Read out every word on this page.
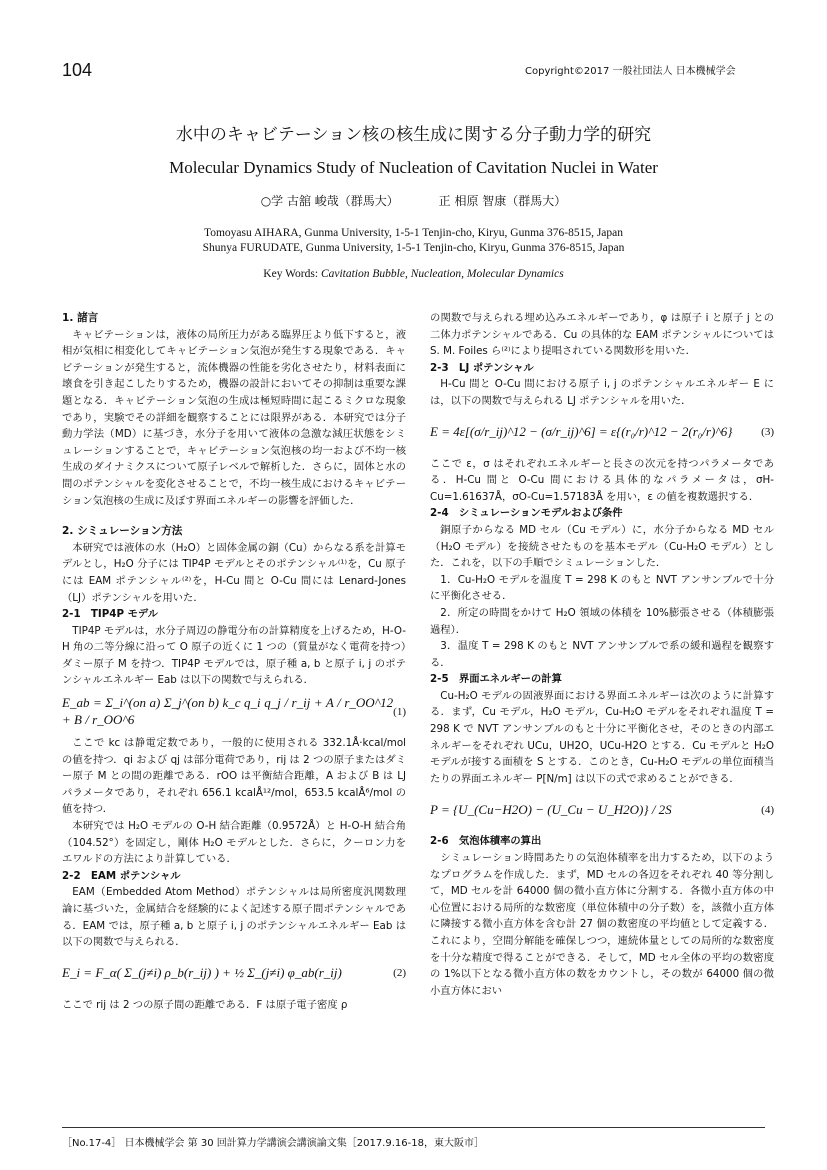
104	Copyright©2017 一般社団法人 日本機械学会
水中のキャビテーション核の核生成に関する分子動力学的研究
Molecular Dynamics Study of Nucleation of Cavitation Nuclei in Water
○学 古舘 峻哉（群馬大）	正 相原 智康（群馬大）
Tomoyasu AIHARA, Gunma University, 1-5-1 Tenjin-cho, Kiryu, Gunma 376-8515, Japan
Shunya FURUDATE, Gunma University, 1-5-1 Tenjin-cho, Kiryu, Gunma 376-8515, Japan
Key Words: Cavitation Bubble, Nucleation, Molecular Dynamics
1. 諸言

キャビテーションは，液体の局所圧力がある臨界圧より低下すると，液相が気相に相変化してキャビテーション気泡が発生する現象である．キャビテーションが発生すると，流体機器の性能を劣化させたり，材料表面に壊食を引き起こしたりするため，機器の設計においてその抑制は重要な課題となる．キャビテーション気泡の生成は極短時間に起こるミクロな現象であり，実験でその詳細を観察することには限界がある．本研究では分子動力学法（MD）に基づき，水分子を用いて液体の急激な減圧状態をシミュレーションすることで，キャビテーション気泡核の均一および不均一核生成のダイナミクスについて原子レベルで解析した．さらに，固体と水の間のポテンシャルを変化させることで，不均一核生成におけるキャビテーション気泡核の生成に及ぼす界面エネルギーの影響を評価した．

2. シミュレーション方法

本研究では液体の水（H₂O）と固体金属の銅（Cu）からなる系を計算モデルとし，H₂O 分子には TIP4P モデルとそのポテンシャル⁽¹⁾を，Cu 原子には EAM ポテンシャル⁽²⁾を，H-Cu 間と O-Cu 間には Lenard-Jones（LJ）ポテンシャルを用いた．

2-1　TIP4P モデル

TIP4P モデルは，水分子周辺の静電分布の計算精度を上げるため，H-O-H 角の二等分線に沿って O 原子の近くに 1 つの（質量がなく電荷を持つ）ダミー原子 M を持つ．TIP4P モデルでは，原子種 a, b と原子 i, j のポテンシャルエネルギー Eab は以下の関数で与えられる．

E_ab = Σ_i^(on a) Σ_j^(on b) k_c q_i q_j / r_ij + A / r_OO^12 + B / r_OO^6
(1)

ここで kc は静電定数であり，一般的に使用される 332.1Å·kcal/mol の値を持つ．qi および qj は部分電荷であり，rij は 2 つの原子またはダミー原子 M との間の距離である．rOO は平衡結合距離，A および B は LJ パラメータであり，それぞれ 656.1 kcalÅ¹²/mol，653.5 kcalÅ⁶/mol の値を持つ．

本研究では H₂O モデルの O-H 結合距離（0.9572Å）と H-O-H 結合角（104.52°）を固定し，剛体 H₂O モデルとした．さらに，クーロン力をエワルドの方法により計算している．

2-2　EAM ポテンシャル

EAM（Embedded Atom Method）ポテンシャルは局所密度汎関数理論に基づいた，金属結合を経験的によく記述する原子間ポテンシャルである．EAM では，原子種 a, b と原子 i, j のポテンシャルエネルギー Eab は以下の関数で与えられる．

E_i = F_α( Σ_(j≠i) ρ_b(r_ij) ) + ½ Σ_(j≠i) φ_ab(r_ij)	(2)

ここで rij は 2 つの原子間の距離である．F は原子電子密度 ρ

の関数で与えられる埋め込みエネルギーであり，φ は原子 i と原子 j との二体力ポテンシャルである．Cu の具体的な EAM ポテンシャルについては S. M. Foiles ら⁽²⁾により提唱されている関数形を用いた．

2-3　LJ ポテンシャル

H-Cu 間と O-Cu 間における原子 i, j のポテンシャルエネルギー E には，以下の関数で与えられる LJ ポテンシャルを用いた．

E = 4ε[(σ/r_ij)^12 − (σ/r_ij)^6] = ε{(r₀/r)^12 − 2(r₀/r)^6}	(3)

ここで ε，σ はそれぞれエネルギーと長さの次元を持つパラメータである．H-Cu 間と O-Cu 間における具体的なパラメータは，σH-Cu=1.61637Å，σO-Cu=1.57183Å を用い，ε の値を複数選択する．

2-4　シミュレーションモデルおよび条件

銅原子からなる MD セル（Cu モデル）に，水分子からなる MD セル（H₂O モデル）を接続させたものを基本モデル（Cu-H₂O モデル）とした．これを，以下の手順でシミュレーションした．

1．Cu-H₂O モデルを温度 T = 298 K のもと NVT アンサンブルで十分に平衡化させる．

2．所定の時間をかけて H₂O 領域の体積を 10%膨張させる（体積膨張過程）．

3．温度 T = 298 K のもと NVT アンサンブルで系の緩和過程を観察する．

2-5　界面エネルギーの計算

Cu-H₂O モデルの固液界面における界面エネルギーは次のように計算する．まず，Cu モデル，H₂O モデル，Cu-H₂O モデルをそれぞれ温度 T = 298 K で NVT アンサンブルのもと十分に平衡化させ，そのときの内部エネルギーをそれぞれ UCu，UH2O，UCu-H2O とする．Cu モデルと H₂O モデルが接する面積を S とする．このとき，Cu-H₂O モデルの単位面積当たりの界面エネルギー P[N/m] は以下の式で求めることができる．

P = {U_(Cu−H2O) − (U_Cu − U_H2O)} / 2S	(4)
2-6　気泡体積率の算出

シミュレーション時間あたりの気泡体積率を出力するため，以下のようなプログラムを作成した．まず，MD セルの各辺をそれぞれ 40 等分割して，MD セルを計 64000 個の微小直方体に分割する．各微小直方体の中心位置における局所的な数密度（単位体積中の分子数）を，該微小直方体に隣接する微小直方体を含む計 27 個の数密度の平均値として定義する．これにより，空間分解能を確保しつつ，連続体量としての局所的な数密度を十分な精度で得ることができる．そして，MD セル全体の平均の数密度の 1%以下となる微小直方体の数をカウントし，その数が 64000 個の微小直方体におい

［No.17-4］ 日本機械学会 第 30 回計算力学講演会講演論文集［2017.9.16-18，東大阪市］
